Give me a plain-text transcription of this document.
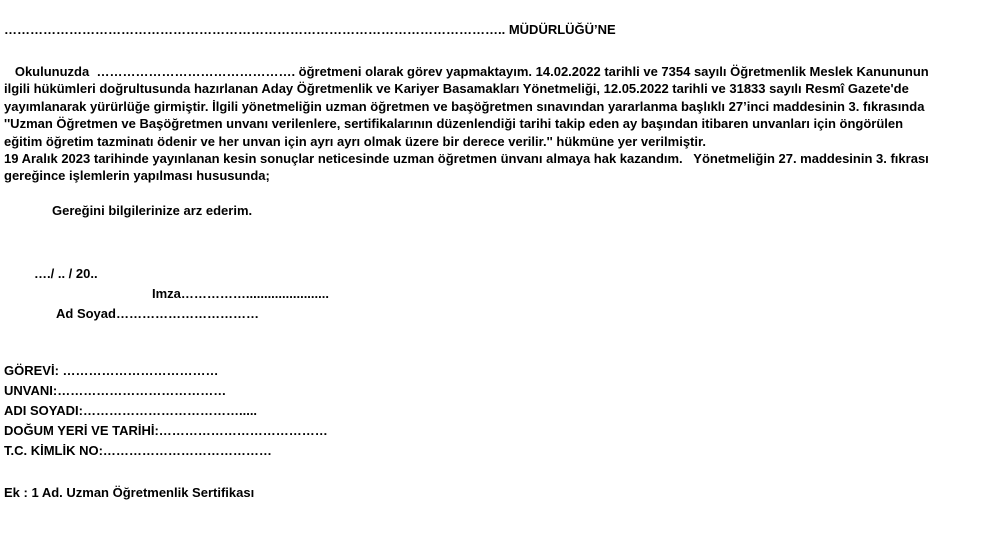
…………………………………………………………………………………………………….. MÜDÜRLÜĞÜ’NE
Okulunuzda  ………………………………………. öğretmeni olarak görev yapmaktayım. 14.02.2022 tarihli ve 7354 sayılı Öğretmenlik Meslek Kanununun
ilgili hükümleri doğrultusunda hazırlanan Aday Öğretmenlik ve Kariyer Basamakları Yönetmeliği, 12.05.2022 tarihli ve 31833 sayılı Resmî Gazete'de
yayımlanarak yürürlüğe girmiştir. İlgili yönetmeliğin uzman öğretmen ve başöğretmen sınavından yararlanma başlıklı 27’inci maddesinin 3. fıkrasında
''Uzman Öğretmen ve Başöğretmen unvanı verilenlere, sertifikalarının düzenlendiği tarihi takip eden ay başından itibaren unvanları için öngörülen
eğitim öğretim tazminatı ödenir ve her unvan için ayrı ayrı olmak üzere bir derece verilir.'' hükmüne yer verilmiştir.
19 Aralık 2023 tarihinde yayınlanan kesin sonuçlar neticesinde uzman öğretmen ünvanı almaya hak kazandım.   Yönetmeliğin 27. maddesinin 3. fıkrası
gereğince işlemlerin yapılması hususunda;
Gereğini bilgilerinize arz ederim.
…./ .. / 20..
Imza…………….......................
Ad Soyad……………………………
GÖREVİ: ………………………………
UNVANI:…………………………………
ADI SOYADI:……………………………….....
DOĞUM YERİ VE TARİHİ:…………………………………
T.C. KİMLİK NO:…………………………………
Ek : 1 Ad. Uzman Öğretmenlik Sertifikası
